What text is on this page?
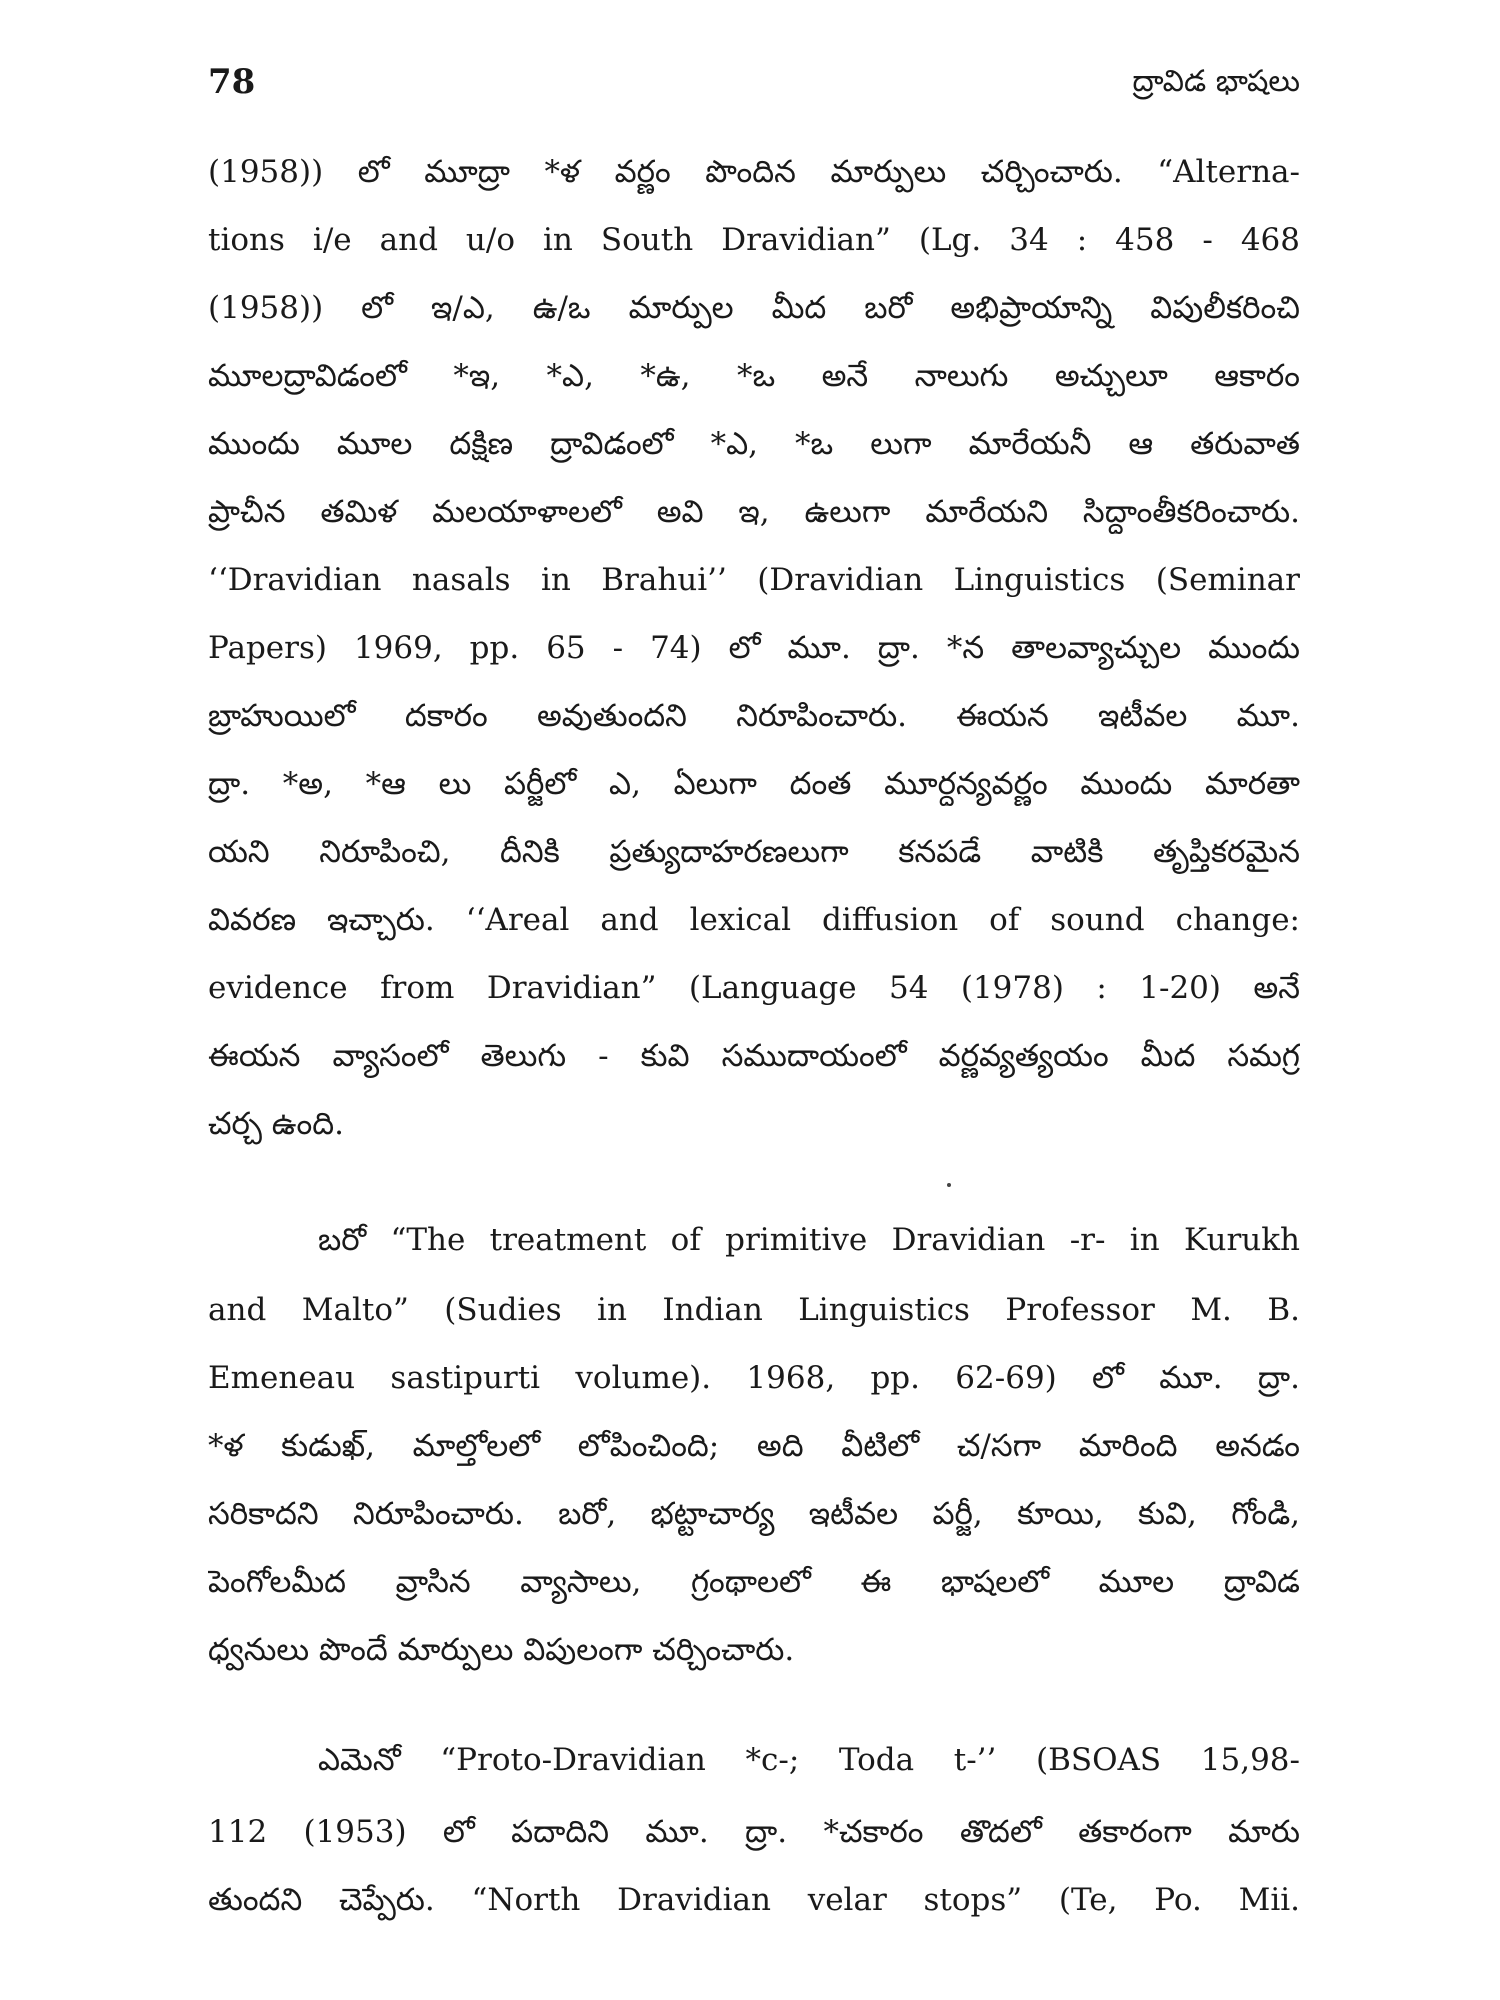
78	ద్రావిడ భాషలు
(1958)) లో మూద్రా *ళ వర్ణం పొందిన మార్పులు చర్చించారు. “Alterna-
tions i/e and u/o in South Dravidian” (Lg. 34 : 458 - 468
(1958)) లో ఇ/ఎ, ఉ/ఒ మార్పుల మీద బరో అభిప్రాయాన్ని విపులీకరించి
మూలద్రావిడంలో *ఇ, *ఎ, *ఉ, *ఒ అనే నాలుగు అచ్చులూ ఆకారం
ముందు మూల దక్షిణ ద్రావిడంలో *ఎ, *ఒ లుగా మారేయనీ ఆ తరువాత
ప్రాచీన తమిళ మలయాళాలలో అవి ఇ, ఉలుగా మారేయని సిద్ధాంతీకరించారు.
‘‘Dravidian nasals in Brahui’’ (Dravidian Linguistics (Seminar
Papers) 1969, pp. 65 - 74) లో మూ. ద్రా. *న తాలవ్యాచ్చుల ముందు
బ్రాహుయిలో దకారం అవుతుందని నిరూపించారు. ఈయన ఇటీవల మూ.
ద్రా. *అ, *ఆ లు పర్జీలో ఎ, ఏలుగా దంత మూర్ధన్యవర్ణం ముందు మారతా
యని నిరూపించి, దీనికి ప్రత్యుదాహరణలుగా కనపడే వాటికి తృప్తికరమైన
వివరణ ఇచ్చారు. ‘‘Areal and lexical diffusion of sound change:
evidence from Dravidian” (Language 54 (1978) : 1-20) అనే
ఈయన వ్యాసంలో తెలుగు - కువి సముదాయంలో వర్ణవ్యత్యయం మీద సమగ్ర
చర్చ ఉంది.
బరో “The treatment of primitive Dravidian -r- in Kurukh
and Malto” (Sudies in Indian Linguistics Professor M. B.
Emeneau sastipurti volume). 1968, pp. 62-69) లో మూ. ద్రా.
*ళ కుడుఖ్, మాల్తోలలో లోపించింది; అది వీటిలో చ/సగా మారింది అనడం
సరికాదని నిరూపించారు. బరో, భట్టాచార్య ఇటీవల పర్జీ, కూయి, కువి, గోండి,
పెంగోలమీద వ్రాసిన వ్యాసాలు, గ్రంథాలలో ఈ భాషలలో మూల ద్రావిడ
ధ్వనులు పొందే మార్పులు విపులంగా చర్చించారు.
ఎమెనో “Proto-Dravidian *c-; Toda t-’’ (BSOAS 15,98-
112 (1953) లో పదాదిని మూ. ద్రా. *చకారం తొదలో తకారంగా మారు
తుందని చెప్పేరు. “North Dravidian velar stops” (Te, Po. Mii.
